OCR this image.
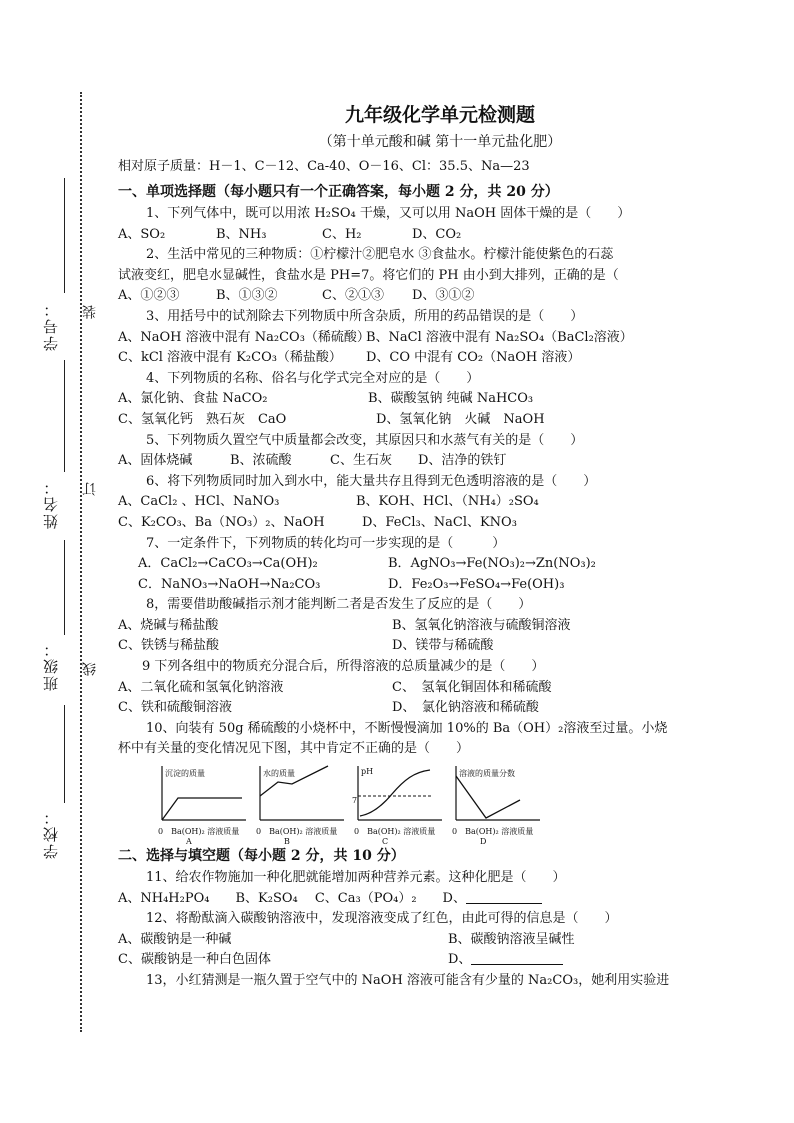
装
订
线
学号：
姓名：
班级：
学校：
九年级化学单元检测题
（第十单元酸和碱 第十一单元盐化肥）
相对原子质量：H－1、C－12、Ca-40、O－16、Cl：35.5、Na—23
一、单项选择题（每小题只有一个正确答案，每小题 2 分，共 20 分）
1、下列气体中，既可以用浓 H₂SO₄ 干燥，又可以用 NaOH 固体干燥的是（　　）
A、SO₂	B、NH₃	C、H₂	D、CO₂
2、生活中常见的三种物质：①柠檬汁②肥皂水 ③食盐水。柠檬汁能使紫色的石蕊
试液变红，肥皂水显碱性，食盐水是 PH=7。将它们的 PH 由小到大排列，正确的是（
A、①②③	B、①③②	C、②①③	D、③①②
3、用括号中的试剂除去下列物质中所含杂质，所用的药品错误的是（　　）
A、NaOH 溶液中混有 Na₂CO₃（稀硫酸）
B、NaCl 溶液中混有 Na₂SO₄（BaCl₂溶液）
C、kCl 溶液中混有 K₂CO₃（稀盐酸）	D、CO 中混有 CO₂（NaOH 溶液）
4、下列物质的名称、俗名与化学式完全对应的是（　　）
A、氯化钠、食盐 NaCO₂	B、碳酸氢钠 纯碱 NaHCO₃
C、氢氧化钙　熟石灰　CaO	D、氢氧化钠　火碱　NaOH
5、下列物质久置空气中质量都会改变，其原因只和水蒸气有关的是（　　）
A、固体烧碱	B、浓硫酸	C、生石灰	D、洁净的铁钉
6、将下列物质同时加入到水中，能大量共存且得到无色透明溶液的是（　　）
A、CaCl₂ 、HCl、NaNO₃	B、KOH、HCl、（NH₄）₂SO₄
C、K₂CO₃、Ba（NO₃）₂、NaOH	D、FeCl₃、NaCl、KNO₃
7、一定条件下，下列物质的转化均可一步实现的是（　　　）
A．CaCl₂→CaCO₃→Ca(OH)₂	B．AgNO₃→Fe(NO₃)₂→Zn(NO₃)₂
C．NaNO₃→NaOH→Na₂CO₃	D．Fe₂O₃→FeSO₄→Fe(OH)₃
8，需要借助酸碱指示剂才能判断二者是否发生了反应的是（　　）
A、烧碱与稀盐酸	B、氢氧化钠溶液与硫酸铜溶液
C、铁锈与稀盐酸	D、镁带与稀硫酸
9 下列各组中的物质充分混合后，所得溶液的总质量减少的是（　　）
A、二氧化硫和氢氧化钠溶液	C、　氢氧化铜固体和稀硫酸
C、铁和硫酸铜溶液	D、　氯化钠溶液和稀硫酸
10、向装有 50g 稀硫酸的小烧杯中，不断慢慢滴加 10%的 Ba（OH）₂溶液至过量。小烧
杯中有关量的变化情况见下图，其中肯定不正确的是（　　）
沉淀的质量
0　Ba(OH)₂ 溶液质量
A
水的质量
0　Ba(OH)₂ 溶液质量
B
pH
7
0　Ba(OH)₂ 溶液质量
C
溶液的质量分数
0　Ba(OH)₂ 溶液质量
D
二、选择与填空题（每小题 2 分，共 10 分）
11、给农作物施加一种化肥就能增加两种营养元素。这种化肥是（　　）
A、NH₄H₂PO₄　　B、K₂SO₄　 C、Ca₃（PO₄）₂　　D、
12、将酚酞滴入碳酸钠溶液中，发现溶液变成了红色，由此可得的信息是（　　）
A、碳酸钠是一种碱	B、碳酸钠溶液呈碱性
C、碳酸钠是一种白色固体	D、
13，小红猜测是一瓶久置于空气中的 NaOH 溶液可能含有少量的 Na₂CO₃，她利用实验进
